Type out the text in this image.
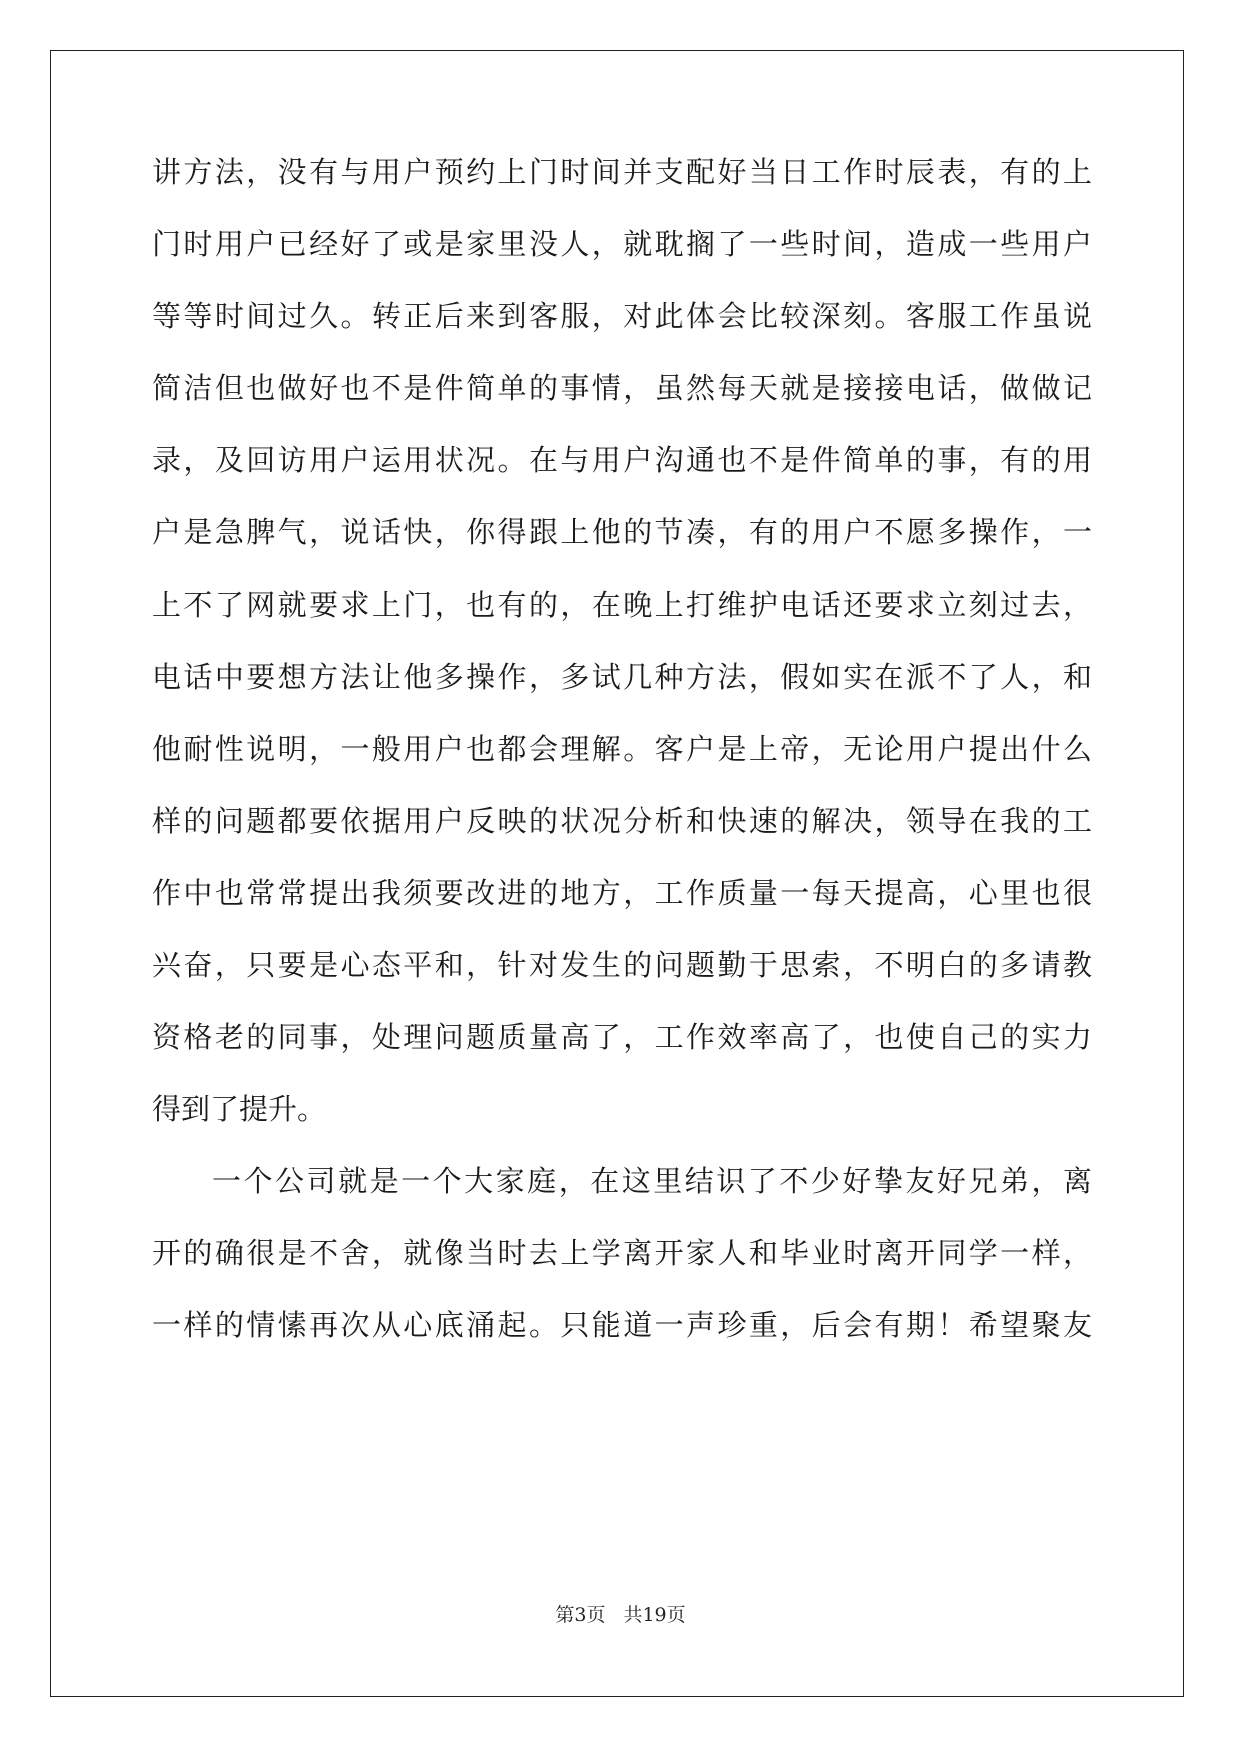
讲方法，没有与用户预约上门时间并支配好当日工作时辰表，有的上
门时用户已经好了或是家里没人，就耽搁了一些时间，造成一些用户
等等时间过久。转正后来到客服，对此体会比较深刻。客服工作虽说
简洁但也做好也不是件简单的事情，虽然每天就是接接电话，做做记
录，及回访用户运用状况。在与用户沟通也不是件简单的事，有的用
户是急脾气，说话快，你得跟上他的节凑，有的用户不愿多操作，一
上不了网就要求上门，也有的，在晚上打维护电话还要求立刻过去，
电话中要想方法让他多操作，多试几种方法，假如实在派不了人，和
他耐性说明，一般用户也都会理解。客户是上帝，无论用户提出什么
样的问题都要依据用户反映的状况分析和快速的解决，领导在我的工
作中也常常提出我须要改进的地方，工作质量一每天提高，心里也很
兴奋，只要是心态平和，针对发生的问题勤于思索，不明白的多请教
资格老的同事，处理问题质量高了，工作效率高了，也使自己的实力
得到了提升。
一个公司就是一个大家庭，在这里结识了不少好挚友好兄弟，离
开的确很是不舍，就像当时去上学离开家人和毕业时离开同学一样，
一样的情愫再次从心底涌起。只能道一声珍重，后会有期！希望聚友
第3页 共19页
